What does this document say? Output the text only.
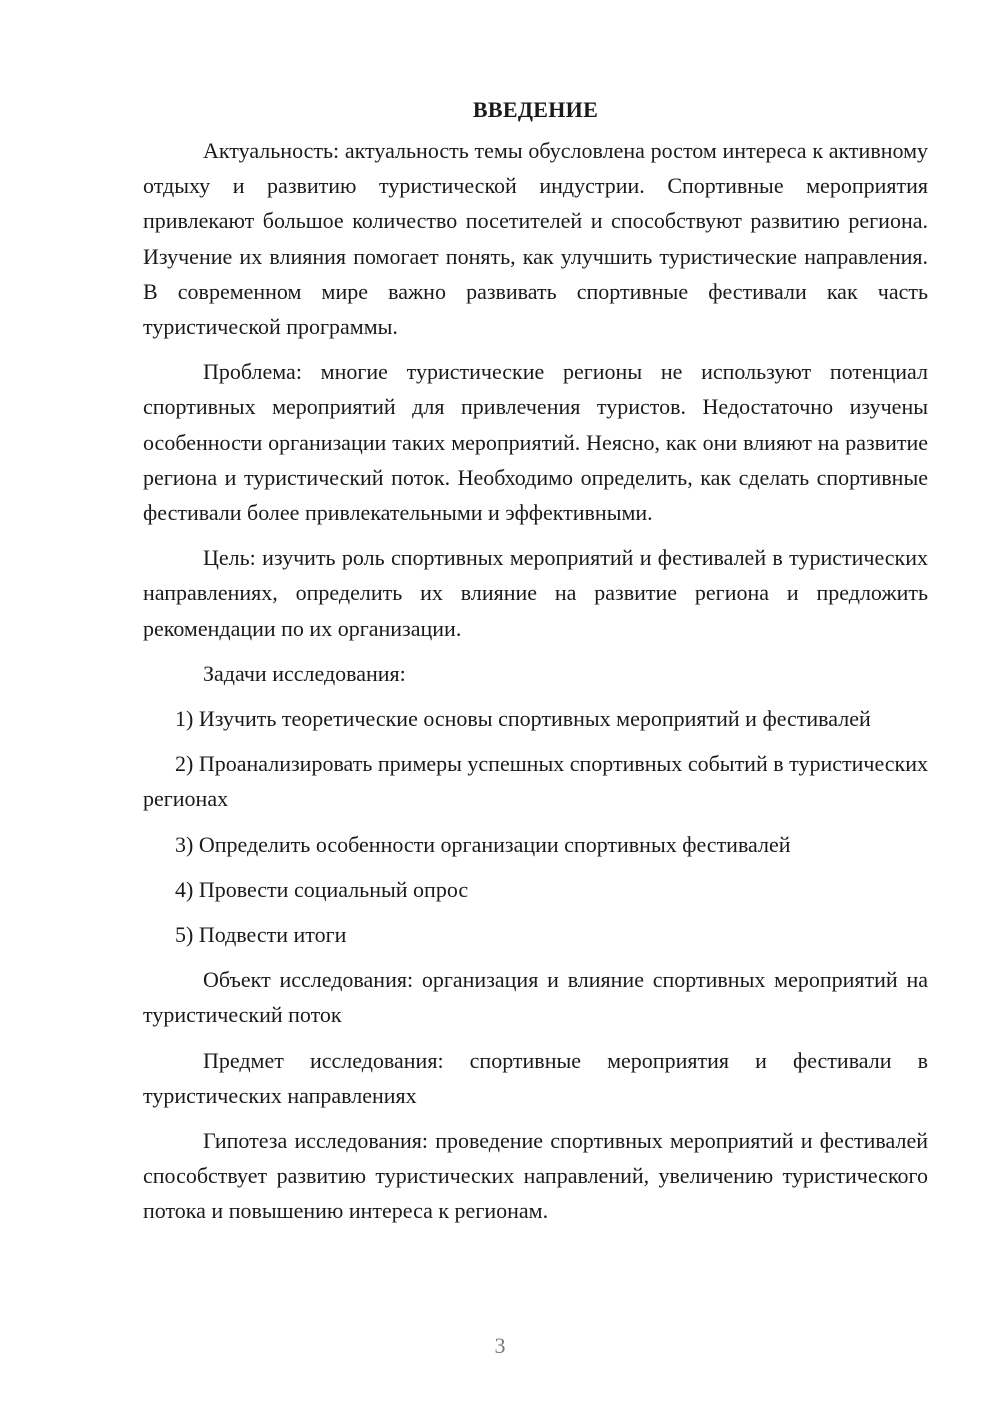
ВВЕДЕНИЕ

Актуальность: актуальность темы обусловлена ростом интереса к активному отдыху и развитию туристической индустрии. Спортивные мероприятия привлекают большое количество посетителей и способствуют развитию региона. Изучение их влияния помогает понять, как улучшить туристические направления. В современном мире важно развивать спортивные фестивали как часть туристической программы.

Проблема: многие туристические регионы не используют потенциал спортивных мероприятий для привлечения туристов. Недостаточно изучены особенности организации таких мероприятий. Неясно, как они влияют на развитие региона и туристический поток. Необходимо определить, как сделать спортивные фестивали более привлекательными и эффективными.

Цель: изучить роль спортивных мероприятий и фестивалей в туристических направлениях, определить их влияние на развитие региона и предложить рекомендации по их организации.

Задачи исследования:

1) Изучить теоретические основы спортивных мероприятий и фестивалей

2) Проанализировать примеры успешных спортивных событий в туристических регионах

3) Определить особенности организации спортивных фестивалей

4) Провести социальный опрос

5) Подвести итоги

Объект исследования: организация и влияние спортивных мероприятий на туристический поток

Предмет исследования: спортивные мероприятия и фестивали в туристических направлениях

Гипотеза исследования: проведение спортивных мероприятий и фестивалей способствует развитию туристических направлений, увеличению туристического потока и повышению интереса к регионам.

3
